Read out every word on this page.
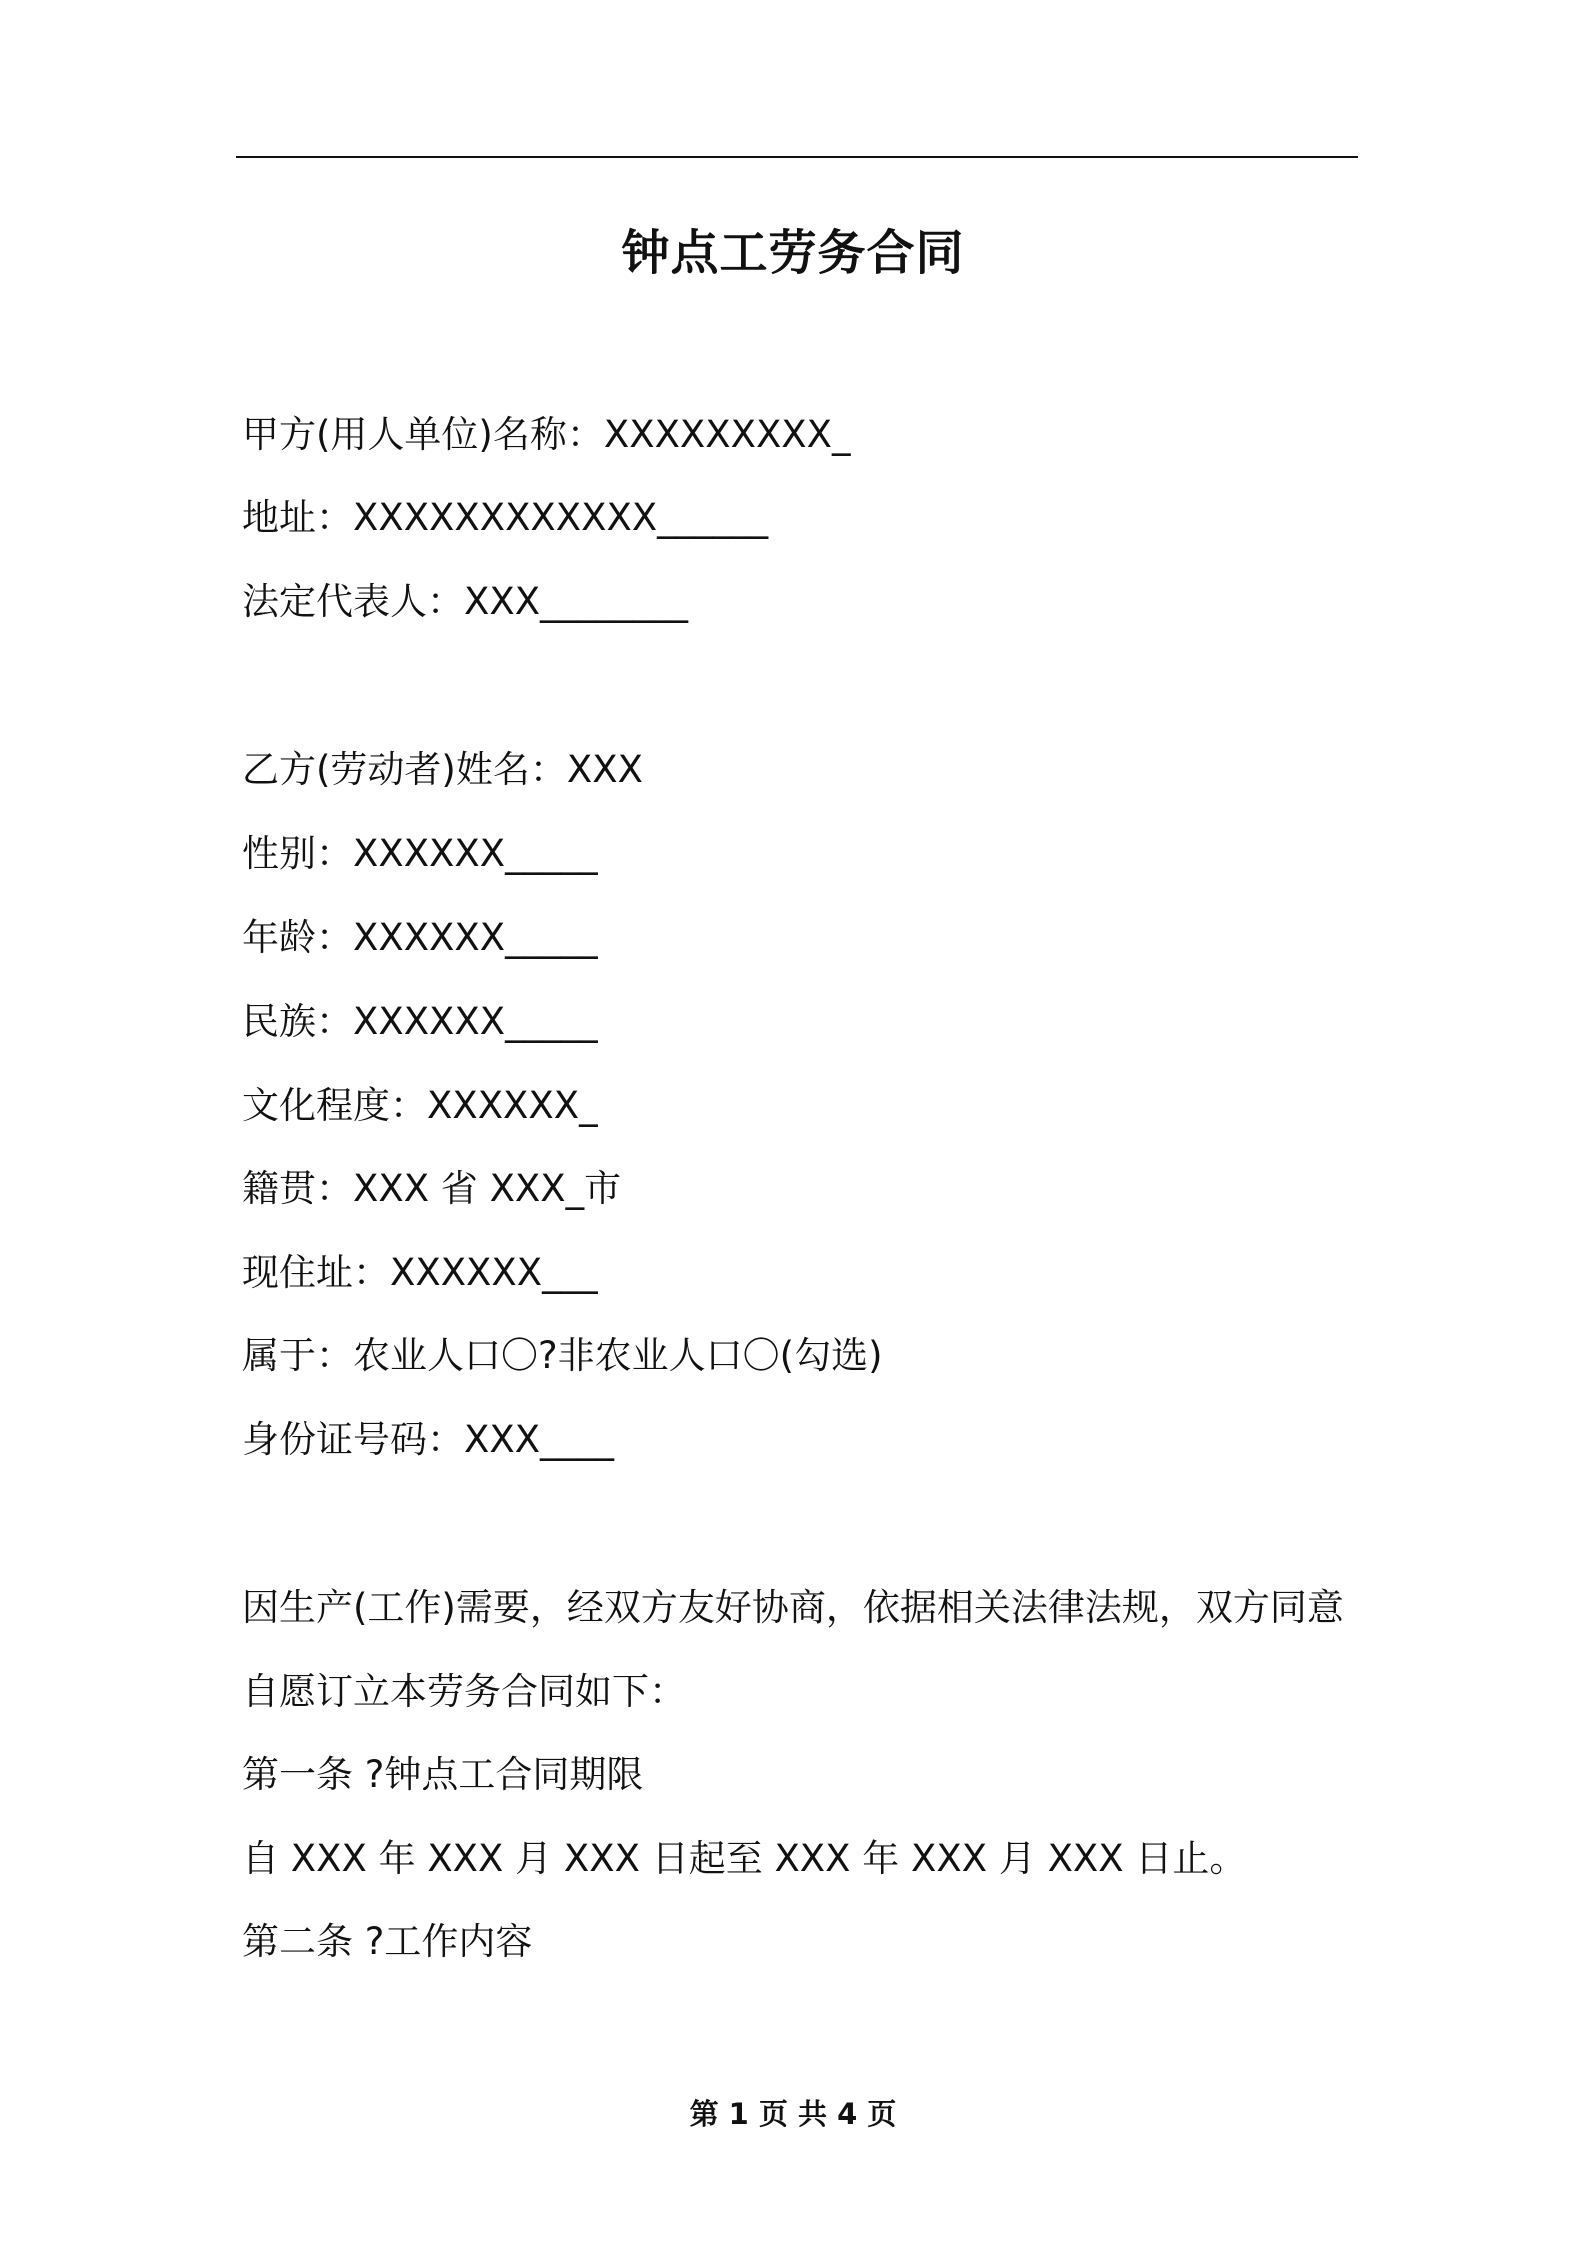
钟点工劳务合同
甲方(用人单位)名称：XXXXXXXXX_
地址：XXXXXXXXXXXX______
法定代表人：XXX________
乙方(劳动者)姓名：XXX
性别：XXXXXX_____
年龄：XXXXXX_____
民族：XXXXXX_____
文化程度：XXXXXX_
籍贯：XXX 省 XXX_市
现住址：XXXXXX___
属于：农业人口〇?非农业人口〇(勾选)
身份证号码：XXX____
因生产(工作)需要，经双方友好协商，依据相关法律法规，双方同意
自愿订立本劳务合同如下：
第一条 ?钟点工合同期限
自 XXX 年 XXX 月 XXX 日起至 XXX 年 XXX 月 XXX 日止。
第二条 ?工作内容
第 1 页 共 4 页
